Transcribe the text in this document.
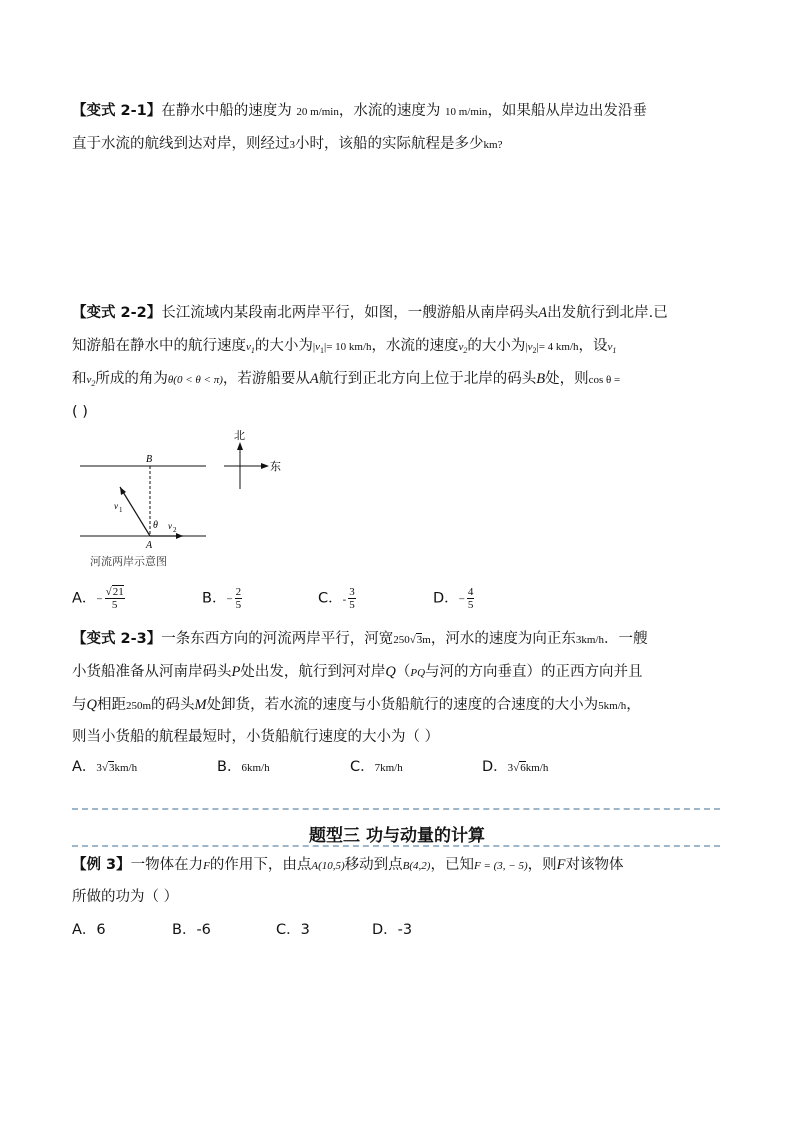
【变式 2-1】在静水中船的速度为 20 m/min，水流的速度为 10 m/min，如果船从岸边出发沿垂
直于水流的航线到达对岸，则经过3小时，该船的实际航程是多少km?
【变式 2-2】长江流域内某段南北两岸平行，如图，一艘游船从南岸码头A出发航行到北岸.已
知游船在静水中的航行速度$v_1$的大小为$|v_1|= 10$ km/h，水流的速度$v_2$的大小为$|v_2|= 4$ km/h，设$v_1$
和$v_2$所成的角为θ(0 < θ < π)，若游船要从A航行到正北方向上位于北岸的码头B处，则cos θ =
( )
B
A
θ
v 1
v 2
北
东
河流两岸示意图
A．− $\frac{√21}{5}$	B．− $\frac{2}{5}$	C．- $\frac{3}{5}$	D．− $\frac{4}{5}$
【变式 2-3】一条东西方向的河流两岸平行，河宽250√3m，河水的速度为向正东3km/h．一艘
小货船准备从河南岸码头P处出发，航行到河对岸Q（PQ与河的方向垂直）的正西方向并且
与Q相距250m的码头M处卸货，若水流的速度与小货船航行的速度的合速度的大小为5km/h，
则当小货船的航程最短时，小货船航行速度的大小为（ ）
A．3√3km/h	B．6km/h	C．7km/h	D．3√6km/h
题型三 功与动量的计算
【例 3】一物体在力F的作用下，由点A(10,5)移动到点B(4,2)，已知F = (3, − 5)，则F对该物体
所做的功为（ ）
A．6	B．-6	C．3	D．-3
